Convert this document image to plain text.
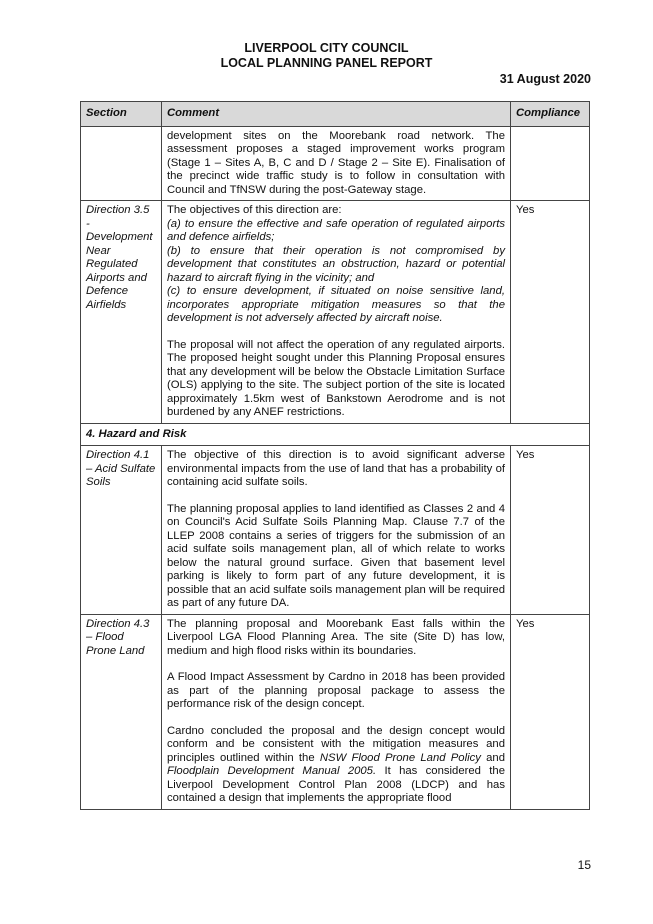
LIVERPOOL CITY COUNCIL
LOCAL PLANNING PANEL REPORT
31 August 2020
Section	Comment	Compliance

	development sites on the Moorebank road network. The assessment proposes a staged improvement works program (Stage 1 – Sites A, B, C and D / Stage 2 – Site E). Finalisation of the precinct wide traffic study is to follow in consultation with Council and TfNSW during the post-Gateway stage.	

Direction 3.5 - Development Near Regulated Airports and Defence Airfields	The objectives of this direction are:
(a) to ensure the effective and safe operation of regulated airports and defence airfields;
(b) to ensure that their operation is not compromised by development that constitutes an obstruction, hazard or potential hazard to aircraft flying in the vicinity; and

(c) to ensure development, if situated on noise sensitive land, incorporates appropriate mitigation measures so that the development is not adversely affected by aircraft noise.

The proposal will not affect the operation of any regulated airports. The proposed height sought under this Planning Proposal ensures that any development will be below the Obstacle Limitation Surface (OLS) applying to the site. The subject portion of the site is located approximately 1.5km west of Bankstown Aerodrome and is not burdened by any ANEF restrictions.	Yes
4. Hazard and Risk		
Direction 4.1 – Acid Sulfate Soils	The objective of this direction is to avoid significant adverse environmental impacts from the use of land that has a probability of containing acid sulfate soils.

The planning proposal applies to land identified as Classes 2 and 4 on Council's Acid Sulfate Soils Planning Map. Clause 7.7 of the LLEP 2008 contains a series of triggers for the submission of an acid sulfate soils management plan, all of which relate to works below the natural ground surface. Given that basement level parking is likely to form part of any future development, it is possible that an acid sulfate soils management plan will be required as part of any future DA.	Yes
Direction 4.3 – Flood Prone Land	The planning proposal and Moorebank East falls within the Liverpool LGA Flood Planning Area. The site (Site D) has low, medium and high flood risks within its boundaries.

A Flood Impact Assessment by Cardno in 2018 has been provided as part of the planning proposal package to assess the performance risk of the design concept.

Cardno concluded the proposal and the design concept would conform and be consistent with the mitigation measures and principles outlined within the NSW Flood Prone Land Policy and Floodplain Development Manual 2005. It has considered the Liverpool Development Control Plan 2008 (LDCP) and has contained a design that implements the appropriate flood	Yes
15
